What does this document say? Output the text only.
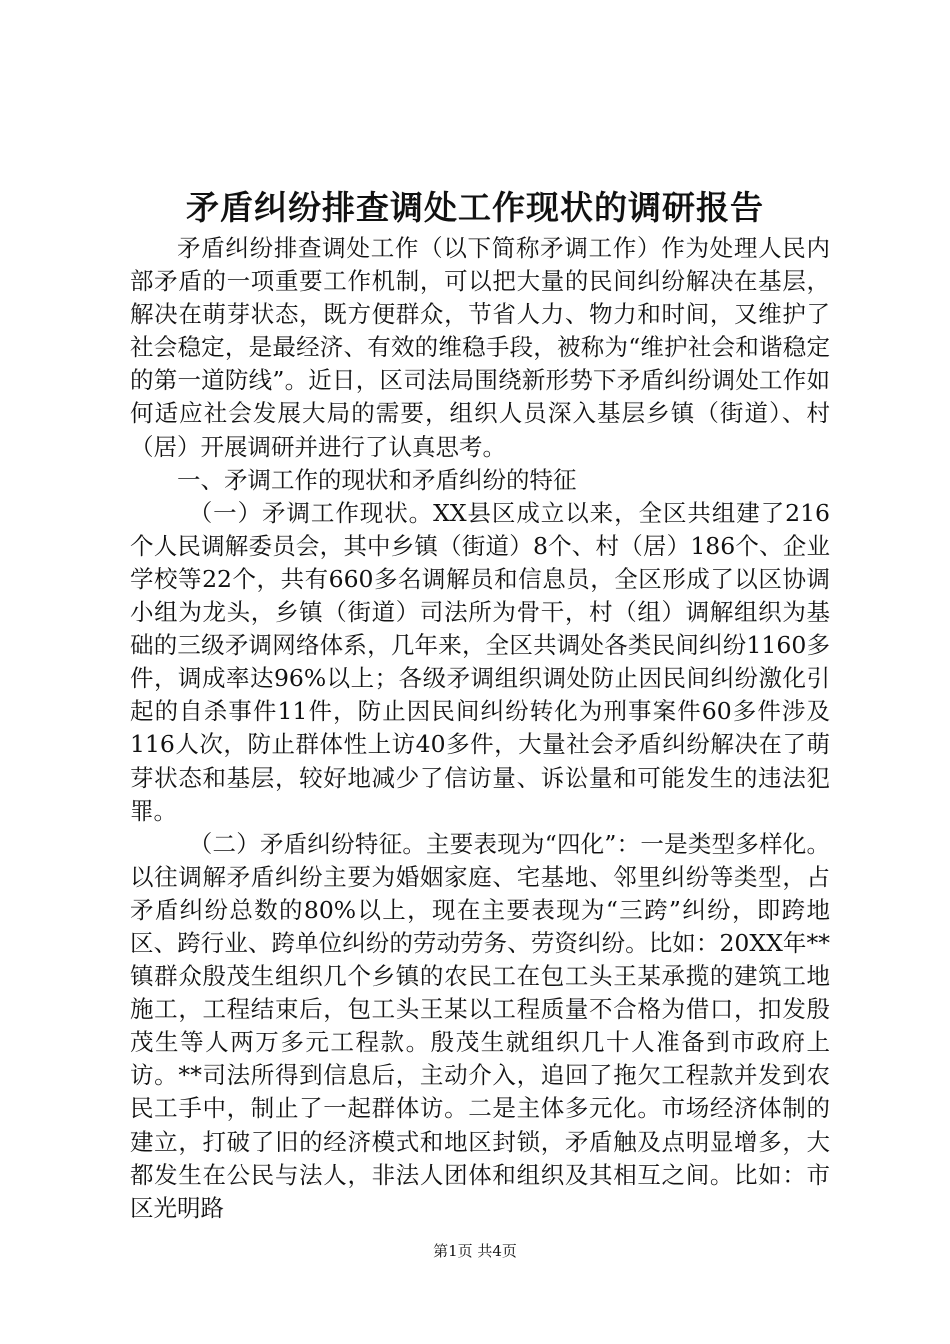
矛盾纠纷排查调处工作现状的调研报告

矛盾纠纷排查调处工作（以下简称矛调工作）作为处理人民内部矛盾的一项重要工作机制，可以把大量的民间纠纷解决在基层，解决在萌芽状态，既方便群众，节省人力、物力和时间，又维护了社会稳定，是最经济、有效的维稳手段，被称为“维护社会和谐稳定的第一道防线”。近日，区司法局围绕新形势下矛盾纠纷调处工作如何适应社会发展大局的需要，组织人员深入基层乡镇（街道）、村（居）开展调研并进行了认真思考。

一、矛调工作的现状和矛盾纠纷的特征

（一）矛调工作现状。XX县区成立以来，全区共组建了216个人民调解委员会，其中乡镇（街道）8个、村（居）186个、企业学校等22个，共有660多名调解员和信息员，全区形成了以区协调小组为龙头，乡镇（街道）司法所为骨干，村（组）调解组织为基础的三级矛调网络体系，几年来，全区共调处各类民间纠纷1160多件，调成率达96%以上；各级矛调组织调处防止因民间纠纷激化引起的自杀事件11件，防止因民间纠纷转化为刑事案件60多件涉及116人次，防止群体性上访40多件，大量社会矛盾纠纷解决在了萌芽状态和基层，较好地减少了信访量、诉讼量和可能发生的违法犯罪。

（二）矛盾纠纷特征。主要表现为“四化”：一是类型多样化。以往调解矛盾纠纷主要为婚姻家庭、宅基地、邻里纠纷等类型，占矛盾纠纷总数的80%以上，现在主要表现为“三跨”纠纷，即跨地区、跨行业、跨单位纠纷的劳动劳务、劳资纠纷。比如：20XX年**镇群众殷茂生组织几个乡镇的农民工在包工头王某承揽的建筑工地施工，工程结束后，包工头王某以工程质量不合格为借口，扣发殷茂生等人两万多元工程款。殷茂生就组织几十人准备到市政府上访。**司法所得到信息后，主动介入，追回了拖欠工程款并发到农民工手中，制止了一起群体访。二是主体多元化。市场经济体制的建立，打破了旧的经济模式和地区封锁，矛盾触及点明显增多，大都发生在公民与法人，非法人团体和组织及其相互之间。比如：市区光明路

第1页 共4页
